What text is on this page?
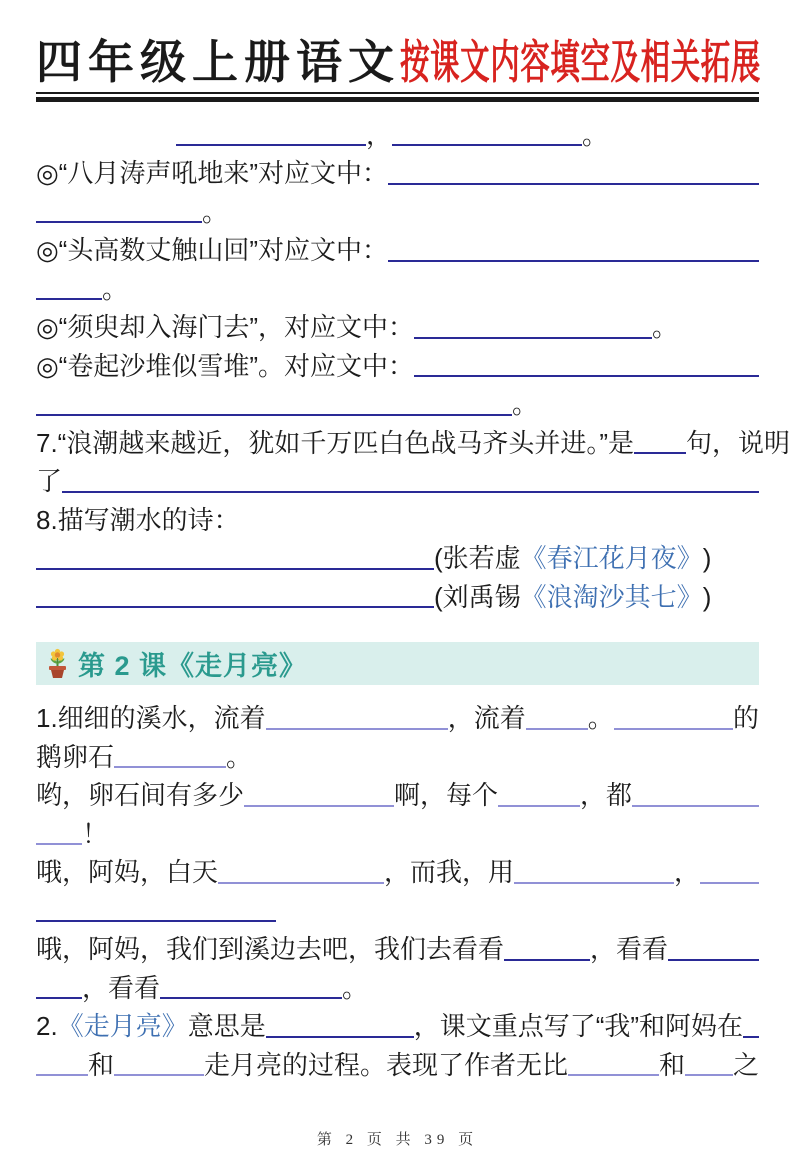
四年级上册语文按课文内容填空及相关拓展
，	。
◎“八月涛声吼地来”对应文中：
。
◎“头高数丈触山回”对应文中：
。
◎“须臾却入海门去”，对应文中：	。
◎“卷起沙堆似雪堆”。对应文中：
。
7.“浪潮越来越近，犹如千万匹白色战马齐头并进。”是 句，说明
了
8.描写潮水的诗：
(张若虚 《春江花月夜》 )
(刘禹锡 《浪淘沙其七》 )
第 2 课《走月亮》
1.细细的溪水，流着	，流着 。	的
鹅卵石	。
哟，卵石间有多少	啊，每个	，都
！
哦，阿妈，白天	，而我，用	，
哦，阿妈，我们到溪边去吧，我们去看看	，看看
，看看	。
2. 《走月亮》 意思是	，课文重点写了“我”和阿妈在
和	走月亮的过程。表现了作者无比	和 之
第 2 页 共 39 页
